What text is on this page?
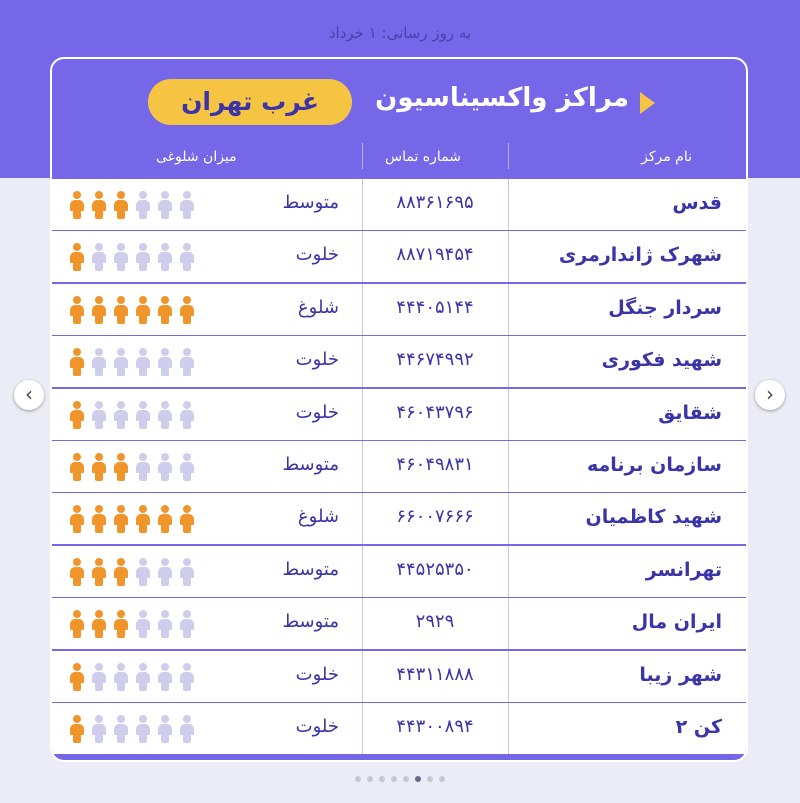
به روز رسانی: ۱ خرداد
مراکز واکسیناسیون
غرب تهران
نام مرکز
شماره تماس
میزان شلوغی
قدس
۸۸۳۶۱۶۹۵
متوسط
شهرک ژاندارمری
۸۸۷۱۹۴۵۴
خلوت
سردار جنگل
۴۴۴۰۵۱۴۴
شلوغ
شهید فکوری
۴۴۶۷۴۹۹۲
خلوت
شقایق
۴۶۰۴۳۷۹۶
خلوت
سازمان برنامه
۴۶۰۴۹۸۳۱
متوسط
شهید کاظمیان
۶۶۰۰۷۶۶۶
شلوغ
تهرانسر
۴۴۵۲۵۳۵۰
متوسط
ایران مال
۲۹۲۹
متوسط
شهر زیبا
۴۴۳۱۱۸۸۸
خلوت
کن ۲
۴۴۳۰۰۸۹۴
خلوت
‹	›
